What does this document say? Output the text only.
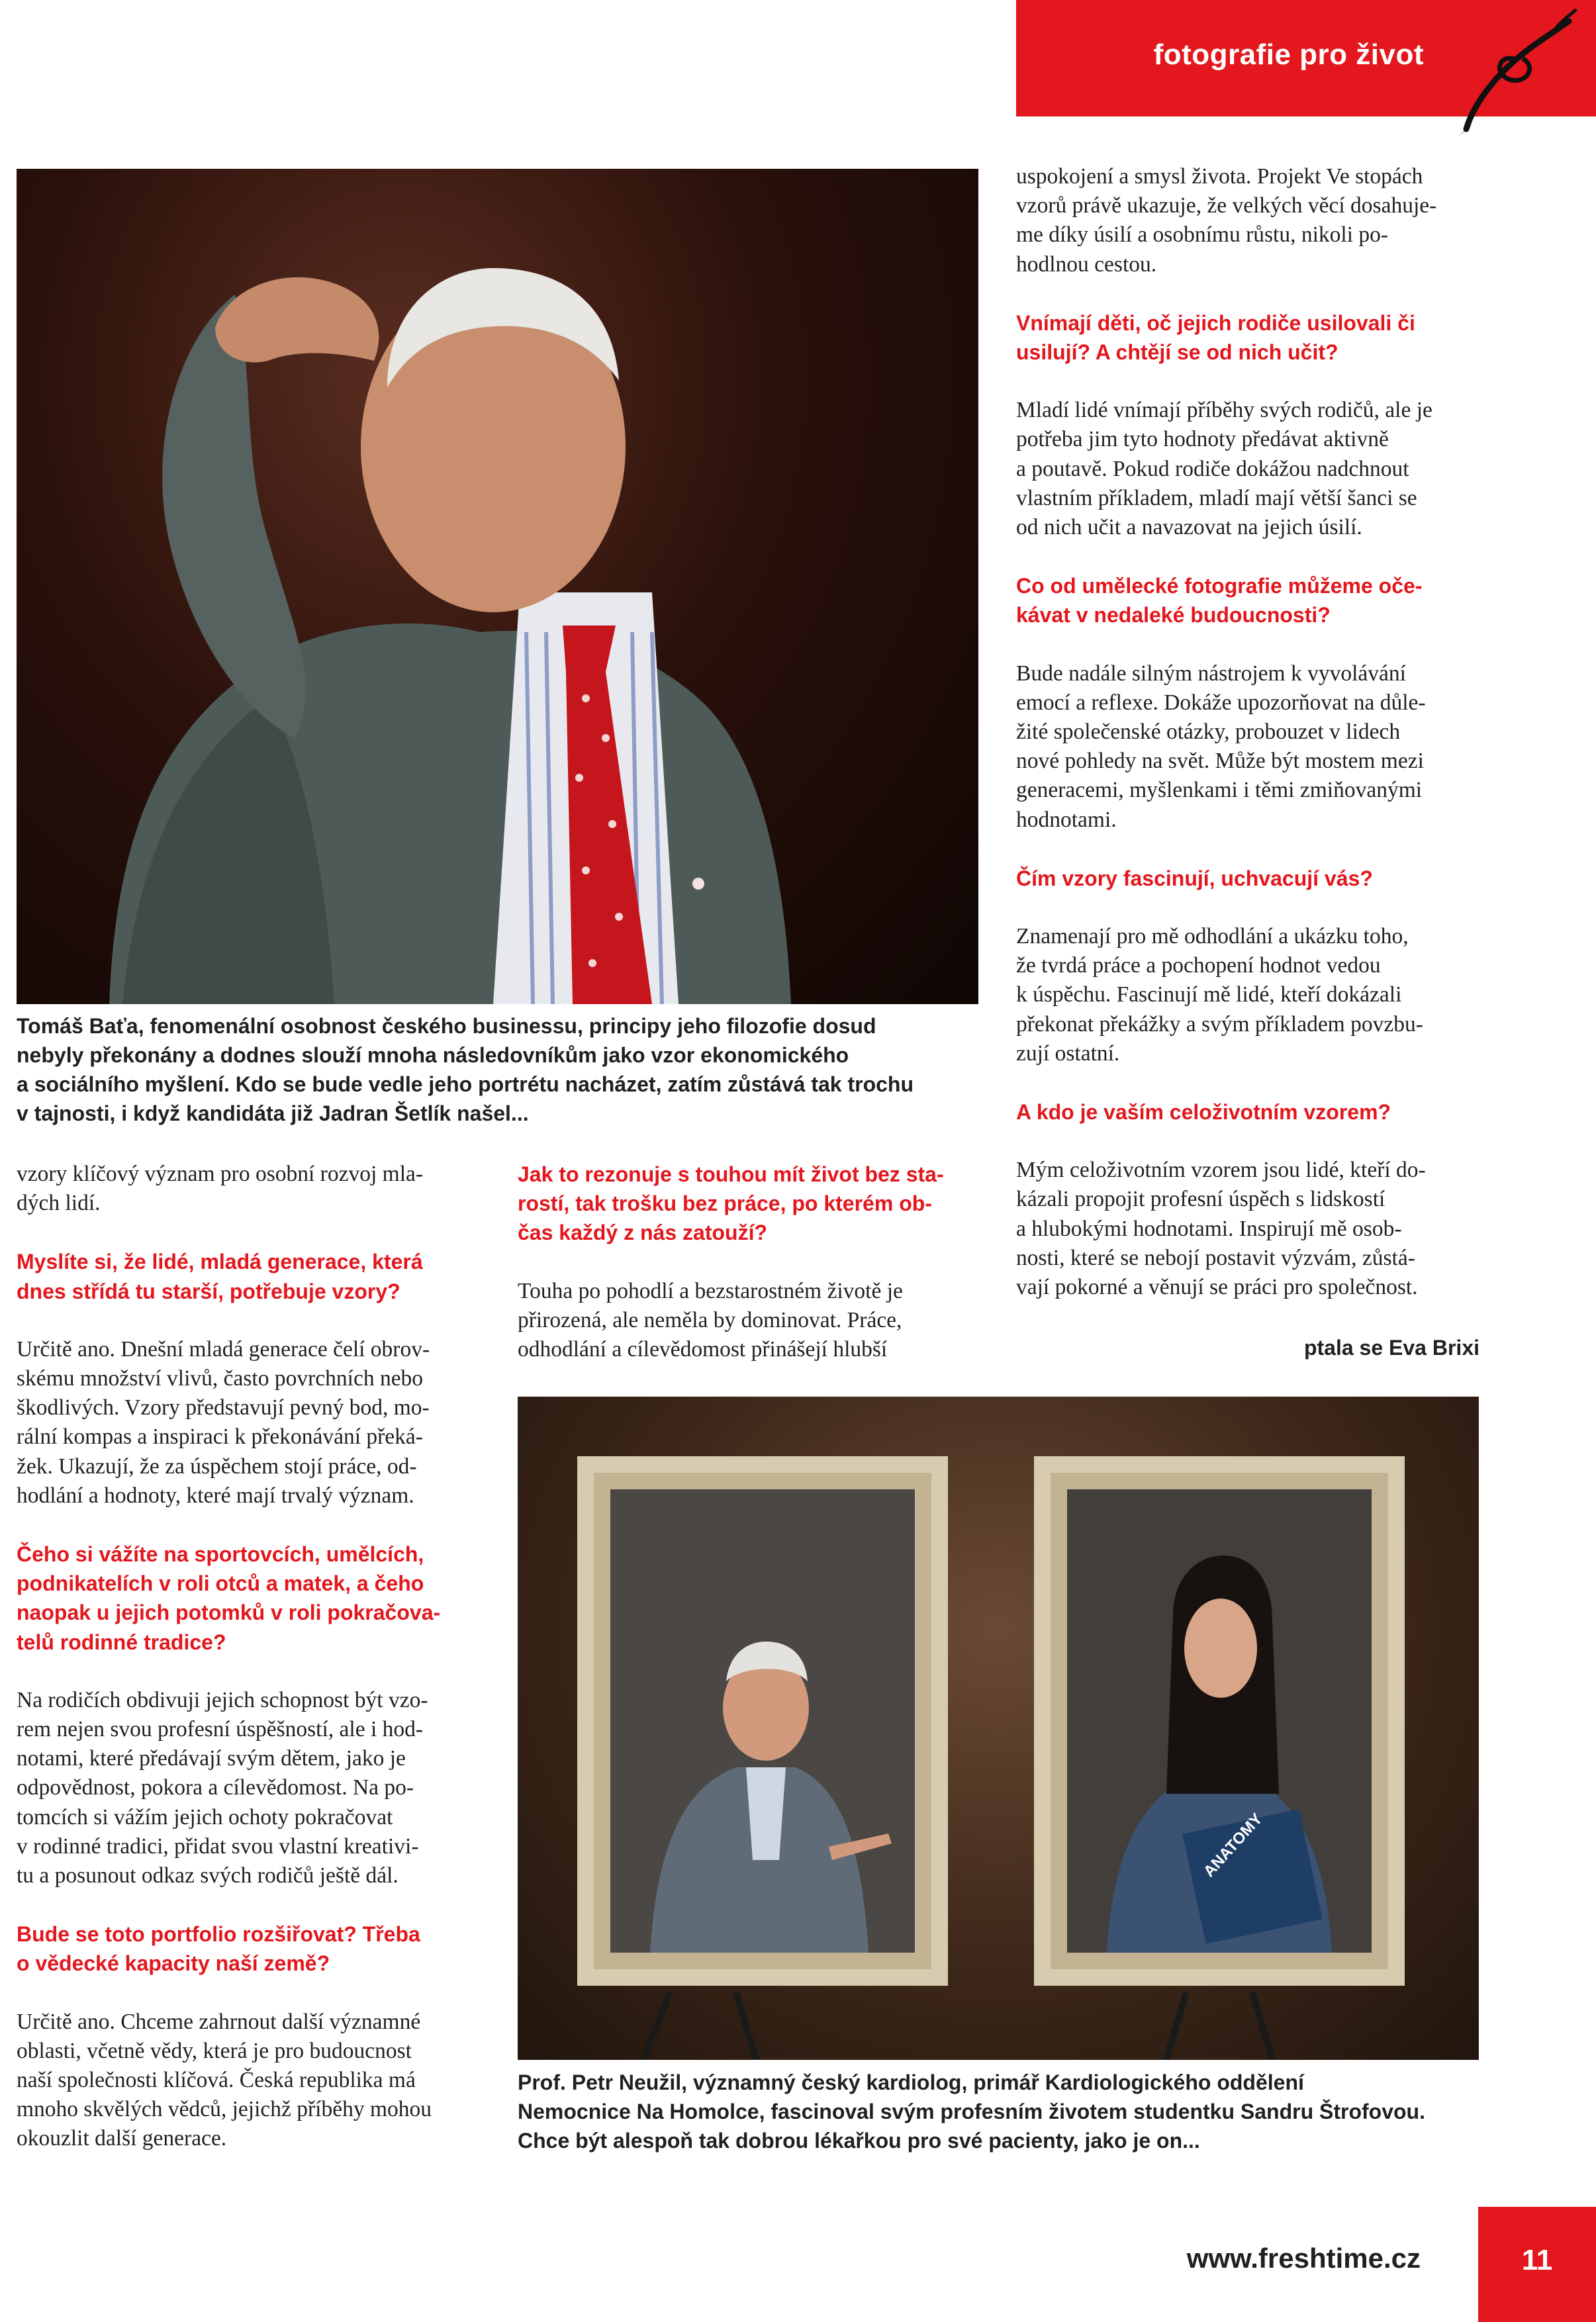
fotografie pro život

uspokojení a smysl života. Projekt Ve stopách

vzorů právě ukazuje, že velkých věcí dosahuje-

me díky úsilí a osobnímu růstu, nikoli po-

hodlnou cestou.

Vnímají děti, oč jejich rodiče usilovali či

usilují? A chtějí se od nich učit?

Mladí lidé vnímají příběhy svých rodičů, ale je

potřeba jim tyto hodnoty předávat aktivně

a poutavě. Pokud rodiče dokážou nadchnout

vlastním příkladem, mladí mají větší šanci se

od nich učit a navazovat na jejich úsilí.

Co od umělecké fotografie můžeme oče-

kávat v nedaleké budoucnosti?

Bude nadále silným nástrojem k vyvolávání

emocí a reflexe. Dokáže upozorňovat na důle-

žité společenské otázky, probouzet v lidech

nové pohledy na svět. Může být mostem mezi

generacemi, myšlenkami i těmi zmiňovanými

hodnotami.

Čím vzory fascinují, uchvacují vás?

Znamenají pro mě odhodlání a ukázku toho,

že tvrdá práce a pochopení hodnot vedou

k úspěchu. Fascinují mě lidé, kteří dokázali

překonat překážky a svým příkladem povzbu-

zují ostatní.

A kdo je vaším celoživotním vzorem?

Mým celoživotním vzorem jsou lidé, kteří do-

kázali propojit profesní úspěch s lidskostí

a hlubokými hodnotami. Inspirují mě osob-

nosti, které se nebojí postavit výzvám, zůstá-

vají pokorné a věnují se práci pro společnost.

ptala se Eva Brixi

Tomáš Baťa, fenomenální osobnost českého businessu, principy jeho filozofie dosud

nebyly překonány a dodnes slouží mnoha následovníkům jako vzor ekonomického

a sociálního myšlení. Kdo se bude vedle jeho portrétu nacházet, zatím zůstává tak trochu

v tajnosti, i když kandidáta již Jadran Šetlík našel...

vzory klíčový význam pro osobní rozvoj mla-

dých lidí.

Myslíte si, že lidé, mladá generace, která

dnes střídá tu starší, potřebuje vzory?

Určitě ano. Dnešní mladá generace čelí obrov-

skému množství vlivů, často povrchních nebo

škodlivých. Vzory představují pevný bod, mo-

rální kompas a inspiraci k překonávání překá-

žek. Ukazují, že za úspěchem stojí práce, od-

hodlání a hodnoty, které mají trvalý význam.

Čeho si vážíte na sportovcích, umělcích,

podnikatelích v roli otců a matek, a čeho

naopak u jejich potomků v roli pokračova-

telů rodinné tradice?

Na rodičích obdivuji jejich schopnost být vzo-

rem nejen svou profesní úspěšností, ale i hod-

notami, které předávají svým dětem, jako je

odpovědnost, pokora a cílevědomost. Na po-

tomcích si vážím jejich ochoty pokračovat

v rodinné tradici, přidat svou vlastní kreativi-

tu a posunout odkaz svých rodičů ještě dál.

Bude se toto portfolio rozšiřovat? Třeba

o vědecké kapacity naší země?

Určitě ano. Chceme zahrnout další významné

oblasti, včetně vědy, která je pro budoucnost

naší společnosti klíčová. Česká republika má

mnoho skvělých vědců, jejichž příběhy mohou

okouzlit další generace.

Jak to rezonuje s touhou mít život bez sta-

rostí, tak trošku bez práce, po kterém ob-

čas každý z nás zatouží?

Touha po pohodlí a bezstarostném životě je

přirozená, ale neměla by dominovat. Práce,

odhodlání a cílevědomost přinášejí hlubší

ANATOMY

Prof. Petr Neužil, významný český kardiolog, primář Kardiologického oddělení

Nemocnice Na Homolce, fascinoval svým profesním životem studentku Sandru Štrofovou.

Chce být alespoň tak dobrou lékařkou pro své pacienty, jako je on...

www.freshtime.cz	11
